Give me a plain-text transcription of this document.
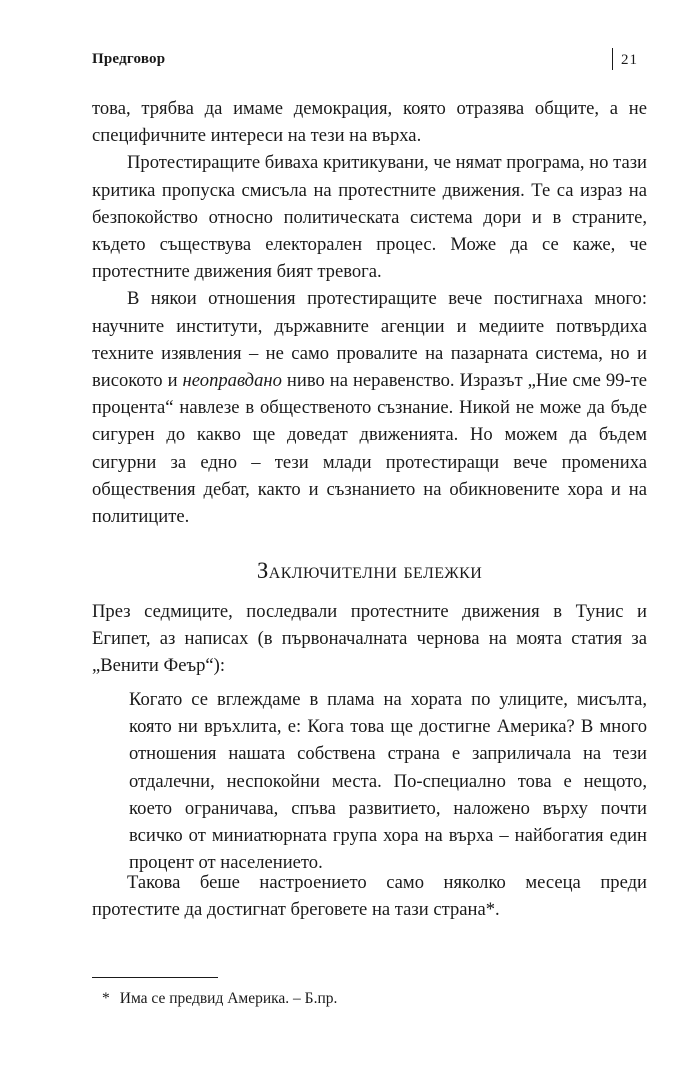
Предговор	21

това, трябва да имаме демокрация, която отразява общите, а не специфичните интереси на тези на върха.

Протестиращите биваха критикувани, че нямат програма, но тази критика пропуска смисъла на протестните движения. Те са израз на безпокойство относно политическата система дори и в страните, където съществува електорален процес. Може да се каже, че протестните движения бият тревога.

В някои отношения протестиращите вече постигнаха много: научните институти, държавните агенции и медиите потвърдиха техните изявления – не само провалите на пазарната система, но и високото и неоправдано ниво на неравенство. Изразът „Ние сме 99-те процента“ навлезе в общественото съзнание. Никой не може да бъде сигурен до какво ще доведат движенията. Но можем да бъдем сигурни за едно – тези млади протестиращи вече промениха обществения дебат, както и съзнанието на обикновените хора и на политиците.

Заключителни бележки

През седмиците, последвали протестните движения в Тунис и Египет, аз написах (в първоначалната чернова на моята статия за „Венити Феър“):

Когато се вглеждаме в плама на хората по улиците, мисълта, която ни връхлита, е: Кога това ще достигне Америка? В много отношения нашата собствена страна е заприличала на тези отдалечни, неспокойни места. По-специално това е нещото, което ограничава, спъва развитието, наложено върху почти всичко от миниатюрната група хора на върха – найбогатия един процент от населението.

Такова беше настроението само няколко месеца преди протестите да достигнат бреговете на тази страна*.

* Има се предвид Америка. – Б.пр.
